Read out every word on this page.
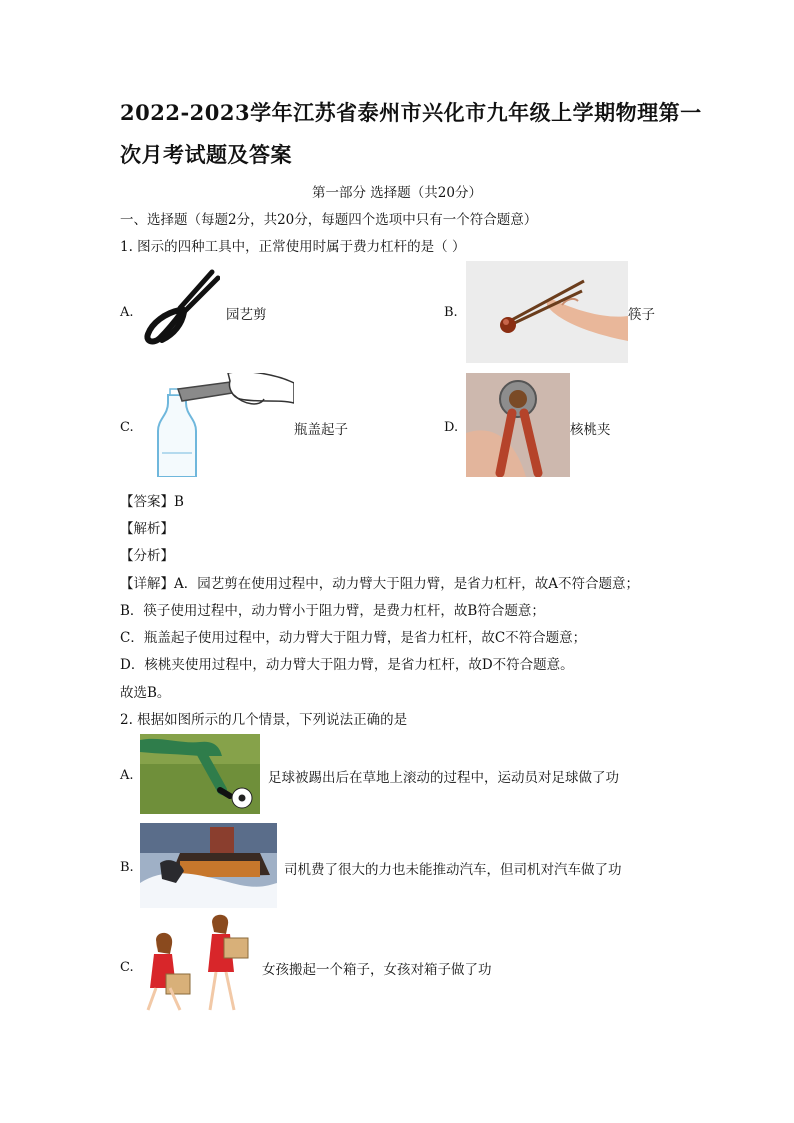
2022-2023学年江苏省泰州市兴化市九年级上学期物理第一
次月考试题及答案
第一部分 选择题（共20分）
一、选择题（每题2分，共20分，每题四个选项中只有一个符合题意）
1. 图示的四种工具中，正常使用时属于费力杠杆的是（ ）
A.	园艺剪	B.	筷子
C.	瓶盖起子	D.	核桃夹
【答案】B
【解析】
【分析】
【详解】A．园艺剪在使用过程中，动力臂大于阻力臂，是省力杠杆，故A不符合题意；
B．筷子使用过程中，动力臂小于阻力臂，是费力杠杆，故B符合题意；
C．瓶盖起子使用过程中，动力臂大于阻力臂，是省力杠杆，故C不符合题意；
D．核桃夹使用过程中，动力臂大于阻力臂，是省力杠杆，故D不符合题意。
故选B。
2. 根据如图所示的几个情景，下列说法正确的是
A.	足球被踢出后在草地上滚动的过程中，运动员对足球做了功
B.	司机费了很大的力也未能推动汽车，但司机对汽车做了功
C.	女孩搬起一个箱子，女孩对箱子做了功
